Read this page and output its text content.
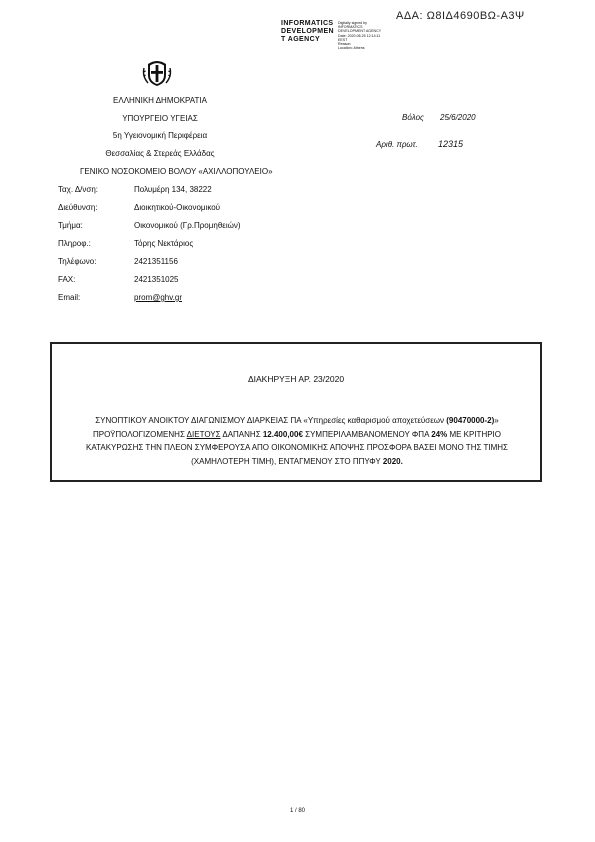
ΑΔΑ: Ω8ΙΔ4690ΒΩ-Α3Ψ
INFORMATICS
DEVELOPMEN
T AGENCY
Digitally signed by
INFORMATICS
DEVELOPMENT AGENCY
Date: 2020.06.25 12:14:11
EEST
Reason:
Location: Athens
ΕΛΛΗΝΙΚΗ ΔΗΜΟΚΡΑΤΙΑ
ΥΠΟΥΡΓΕΙΟ ΥΓΕΙΑΣ
5η Υγειονομική Περιφέρεια
Θεσσαλίας & Στερεάς Ελλάδας
ΓΕΝΙΚΟ ΝΟΣΟΚΟΜΕΙΟ ΒΟΛΟΥ «ΑΧΙΛΛΟΠΟΥΛΕΙΟ»
Βόλος 25/6/2020
Αριθ. πρωτ. 12315
Ταχ. Δ/νση:	Πολυμέρη 134, 38222
Διεύθυνση:	Διοικητικού-Οικονομικού
Τμήμα:	Οικονομικού (Γρ.Προμηθειών)
Πληροφ.:	Τόρης Νεκτάριος
Τηλέφωνο:	2421351156
FAX:	2421351025
Email:	prom@ghv.gr
ΔΙΑΚΗΡΥΞΗ ΑΡ. 23/2020
ΣΥΝΟΠΤΙΚΟΥ ΑΝΟΙΚΤΟΥ ΔΙΑΓΩΝΙΣΜΟΥ ΔΙΑΡΚΕΙΑΣ ΠΑ «Υπηρεσίες καθαρισμού αποχετεύσεων (90470000-2)» ΠΡΟΫΠΟΛΟΓΙΖΟΜΕΝΗΣ ΔΙΕΤΟΥΣ ΔΑΠΑΝΗΣ 12.400,00€ ΣΥΜΠΕΡΙΛΑΜΒΑΝΟΜΕΝΟΥ ΦΠΑ 24% ΜΕ ΚΡΙΤΗΡΙΟ ΚΑΤΑΚΥΡΩΣΗΣ ΤΗΝ ΠΛΕΟΝ ΣΥΜΦΕΡΟΥΣΑ ΑΠΟ ΟΙΚΟΝΟΜΙΚΗΣ ΑΠΟΨΗΣ ΠΡΟΣΦΟΡΑ ΒΑΣΕΙ ΜΟΝΟ ΤΗΣ ΤΙΜΗΣ (ΧΑΜΗΛΟΤΕΡΗ ΤΙΜΗ), ΕΝΤΑΓΜΕΝΟΥ ΣΤΟ ΠΠΥΦΥ 2020.
1 / 80
